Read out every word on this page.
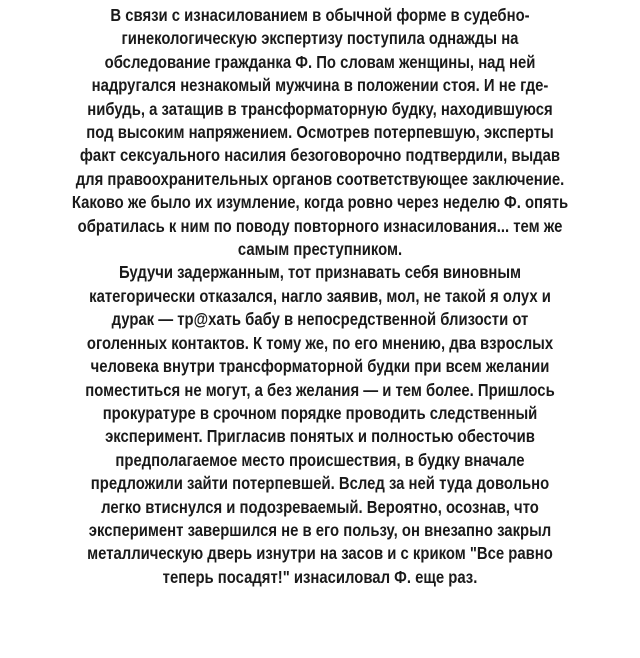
В связи с изнасилованием в обычной форме в судебно-
гинекологическую экспертизу поступила однажды на
обследование гражданка Ф. По словам женщины, над ней
надругался незнакомый мужчина в положении стоя. И не где-
нибудь, а затащив в трансформаторную будку, находившуюся
под высоким напряжением. Осмотрев потерпевшую, эксперты
факт сексуального насилия безоговорочно подтвердили, выдав
для правоохранительных органов соответствующее заключение.
Каково же было их изумление, когда ровно через неделю Ф. опять
обратилась к ним по поводу повторного изнасилования... тем же
самым преступником.
Будучи задержанным, тот признавать себя виновным
категорически отказался, нагло заявив, мол, не такой я олух и
дурак — тр@хать бабу в непосредственной близости от
оголенных контактов. К тому же, по его мнению, два взрослых
человека внутри трансформаторной будки при всем желании
поместиться не могут, а без желания — и тем более. Пришлось
прокуратуре в срочном порядке проводить следственный
эксперимент. Пригласив понятых и полностью обесточив
предполагаемое место происшествия, в будку вначале
предложили зайти потерпевшей. Вслед за ней туда довольно
легко втиснулся и подозреваемый. Вероятно, осознав, что
эксперимент завершился не в его пользу, он внезапно закрыл
металлическую дверь изнутри на засов и с криком "Все равно
теперь посадят!" изнасиловал Ф. еще раз.
